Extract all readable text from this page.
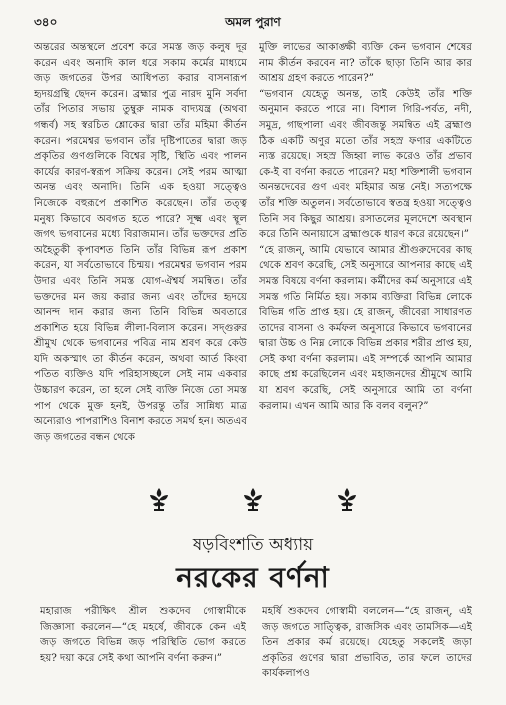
৩৪০	অমল পুরাণ

অন্তরের অন্তস্থলে প্রবেশ করে সমস্ত জড় কলুষ দূর করেন এবং অনাদি কাল ধরে সকাম কর্মের মাধ্যমে জড় জগতের উপর আধিপত্য করার বাসনারূপ হৃদয়গ্রন্থি ছেদন করেন। ব্রহ্মার পুত্র নারদ মুনি সর্বদা তাঁর পিতার সভায় তুম্বুরু নামক বাদ্যযন্ত্র (অথবা গন্ধর্ব) সহ স্বরচিত শ্লোকের দ্বারা তাঁর মহিমা কীর্তন করেন। পরমেশ্বর ভগবান তাঁর দৃষ্টিপাতের দ্বারা জড় প্রকৃতির গুণগুলিকে বিশ্বের সৃষ্টি, স্থিতি এবং পালন কার্যের কারণ-স্বরূপ সক্রিয় করেন। সেই পরম আত্মা অনন্ত এবং অনাদি। তিনি এক হওয়া সত্ত্বেও নিজেকে বহুরূপে প্রকাশিত করেছেন। তাঁর তত্ত্ব মনুষ্য কিভাবে অবগত হতে পারে? সূক্ষ্ম এবং স্থূল জগৎ ভগবানের মধ্যে বিরাজমান। তাঁর ভক্তদের প্রতি অহৈতুকী কৃপাবশত তিনি তাঁর বিভিন্ন রূপ প্রকাশ করেন, যা সর্বতোভাবে চিন্ময়। পরমেশ্বর ভগবান পরম উদার এবং তিনি সমস্ত যোগ-ঐশ্বর্য সমন্বিত। তাঁর ভক্তদের মন জয় করার জন্য এবং তাঁদের হৃদয়ে আনন্দ দান করার জন্য তিনি বিভিন্ন অবতারে প্রকাশিত হয়ে বিভিন্ন লীলা-বিলাস করেন। সদ্গুরুর শ্রীমুখ থেকে ভগবানের পবিত্র নাম শ্রবণ করে কেউ যদি অকস্মাৎ তা কীর্তন করেন, অথবা আর্ত কিংবা পতিত ব্যক্তিও যদি পরিহাসচ্ছলে সেই নাম একবার উচ্চারণ করেন, তা হলে সেই ব্যক্তি নিজে তো সমস্ত পাপ থেকে মুক্ত হনই, উপরন্তু তাঁর সান্নিধ্য মাত্র অন্যেরাও পাপরাশিও বিনাশ করতে সমর্থ হন। অতএব জড় জগতের বন্ধন থেকে

মুক্তি লাভের আকাঙ্ক্ষী ব্যক্তি কেন ভগবান শেষের নাম কীর্তন করবেন না? তাঁকে ছাড়া তিনি আর কার আশ্রয় গ্রহণ করতে পারেন?”

“ভগবান যেহেতু অনন্ত, তাই কেউই তাঁর শক্তি অনুমান করতে পারে না। বিশাল গিরি-পর্বত, নদী, সমুদ্র, গাছপালা এবং জীবজন্তু সমন্বিত এই ব্রহ্মাণ্ড ঠিক একটি অণুর মতো তাঁর সহস্র ফণার একটিতে ন্যস্ত রয়েছে। সহস্র জিহ্বা লাভ করেও তাঁর প্রভাব কে-ই বা বর্ণনা করতে পারেন? মহা শক্তিশালী ভগবান অনন্তদেবের গুণ এবং মহিমার অন্ত নেই। সত্যপক্ষে তাঁর শক্তি অতুলন। সর্বতোভাবে স্বতন্ত্র হওয়া সত্ত্বেও তিনি সব কিছুর আশ্রয়। রসাতলের মূলদেশে অবস্থান করে তিনি অনায়াসে ব্রহ্মাণ্ডকে ধারণ করে রয়েছেন।”

“হে রাজন্, আমি যেভাবে আমার শ্রীগুরুদেবের কাছ থেকে শ্রবণ করেছি, সেই অনুসারে আপনার কাছে এই সমস্ত বিষয়ে বর্ণনা করলাম। কর্মীদের কর্ম অনুসারে এই সমস্ত গতি নির্মিত হয়। সকাম ব্যক্তিরা বিভিন্ন লোকে বিভিন্ন গতি প্রাপ্ত হয়। হে রাজন্, জীবেরা সাধারণত তাদের বাসনা ও কর্মফল অনুসারে কিভাবে ভগবানের দ্বারা উচ্চ ও নিম্ন লোকে বিভিন্ন প্রকার শরীর প্রাপ্ত হয়, সেই কথা বর্ণনা করলাম। এই সম্পর্কে আপনি আমার কাছে প্রশ্ন করেছিলেন এবং মহাজনদের শ্রীমুখে আমি যা শ্রবণ করেছি, সেই অনুসারে আমি তা বর্ণনা করলাম। এখন আমি আর কি বলব বলুন?”

ষড়বিংশতি অধ্যায়
নরকের বর্ণনা

মহারাজ পরীক্ষিৎ শ্রীল শুকদেব গোস্বামীকে জিজ্ঞাসা করলেন—“হে মহর্ষে, জীবকে কেন এই জড় জগতে বিভিন্ন জড় পরিস্থিতি ভোগ করতে হয়? দয়া করে সেই কথা আপনি বর্ণনা করুন।”

মহর্ষি শুকদেব গোস্বামী বললেন—“হে রাজন্, এই জড় জগতে সাত্ত্বিক, রাজসিক এবং তামসিক—এই তিন প্রকার কর্ম রয়েছে। যেহেতু সকলেই জড়া প্রকৃতির গুণের দ্বারা প্রভাবিত, তার ফলে তাদের কার্যকলাপও
